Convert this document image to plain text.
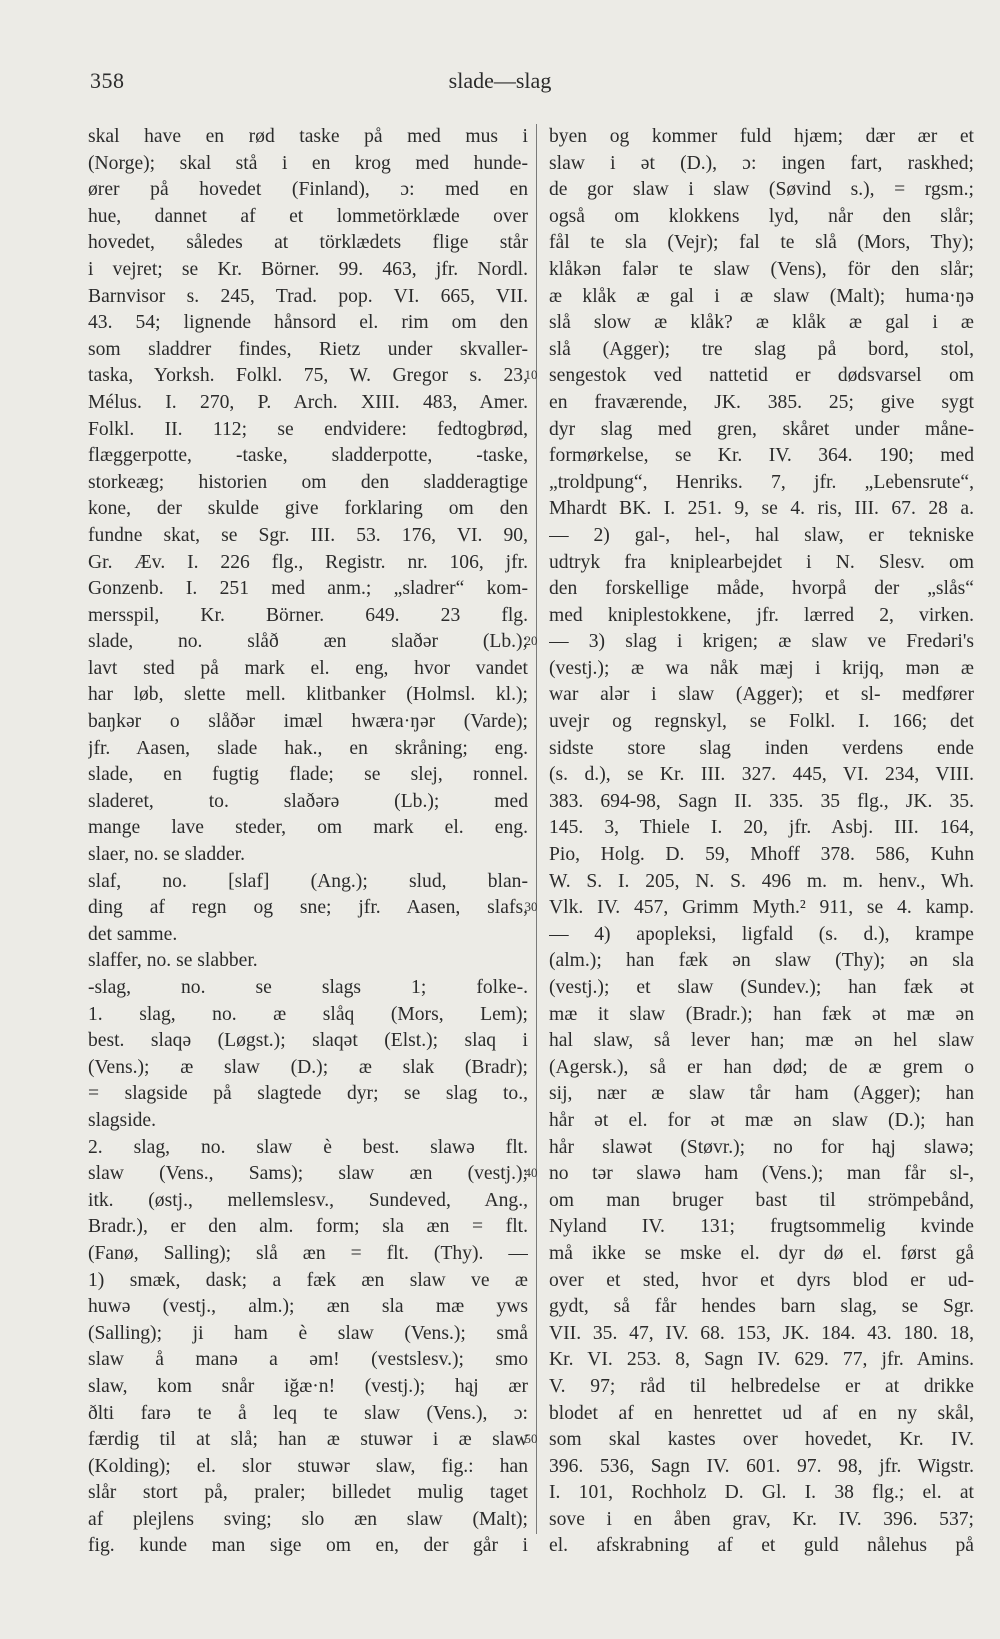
358	slade—slag
skal have en rød taske på med mus i
(Norge); skal stå i en krog med hunde-
ører på hovedet (Finland), ɔ: med en
hue, dannet af et lommetörklæde over
hovedet, således at törklædets flige står
i vejret; se Kr. Börner. 99. 463, jfr. Nordl.
Barnvisor s. 245, Trad. pop. VI. 665, VII.
43. 54; lignende hånsord el. rim om den
som sladdrer findes, Rietz under skvaller-
taska, Yorksh. Folkl. 75, W. Gregor s. 23,
Mélus. I. 270, P. Arch. XIII. 483, Amer.
Folkl. II. 112; se endvidere: fedtogbrød,
flæggerpotte, -taske, sladderpotte, -taske,
storkeæg; historien om den sladderagtige
kone, der skulde give forklaring om den
fundne skat, se Sgr. III. 53. 176, VI. 90,
Gr. Æv. I. 226 flg., Registr. nr. 106, jfr.
Gonzenb. I. 251 med anm.; „sladrer“ kom-
mersspil, Kr. Börner. 649. 23 flg.
slade, no. slåð æn slaðər (Lb.);
lavt sted på mark el. eng, hvor vandet
har løb, slette mell. klitbanker (Holmsl. kl.);
baŋkər o slåðər imæl hwæra·ŋər (Varde);
jfr. Aasen, slade hak., en skråning; eng.
slade, en fugtig flade; se slej, ronnel.
sladeret, to. slaðərə (Lb.); med
mange lave steder, om mark el. eng.
slaer, no. se sladder.
slaf, no. [slaf] (Ang.); slud, blan-
ding af regn og sne; jfr. Aasen, slafs,
det samme.
slaffer, no. se slabber.
-slag, no. se slags 1; folke-.
1. slag, no. æ slåq (Mors, Lem);
best. slaqə (Løgst.); slaqət (Elst.); slaq i
(Vens.); æ slaw (D.); æ slak (Bradr);
= slagside på slagtede dyr; se slag to.,
slagside.
2. slag, no. slaw è best. slawə flt.
slaw (Vens., Sams); slaw æn (vestj.);
itk. (østj., mellemslesv., Sundeved, Ang.,
Bradr.), er den alm. form; sla æn = flt.
(Fanø, Salling); slå æn = flt. (Thy). —
1) smæk, dask; a fæk æn slaw ve æ
huwə (vestj., alm.); æn sla mæ yws
(Salling); ji ham è slaw (Vens.); små
slaw å manə a əm! (vestslesv.); smo
slaw, kom snår iğæ·n! (vestj.); hąj ær
ðlti farə te å leq te slaw (Vens.), ɔ:
færdig til at slå; han æ stuwər i æ slaw
(Kolding); el. slor stuwər slaw, fig.: han
slår stort på, praler; billedet mulig taget
af plejlens sving; slo æn slaw (Malt);
fig. kunde man sige om en, der går i
10
20
30
40
50
byen og kommer fuld hjæm; dær ær et
slaw i ət (D.), ɔ: ingen fart, raskhed;
de gor slaw i slaw (Søvind s.), = rgsm.;
også om klokkens lyd, når den slår;
fål te sla (Vejr); fal te slå (Mors, Thy);
klåkən falər te slaw (Vens), för den slår;
æ klåk æ gal i æ slaw (Malt); huma·ŋə
slå slow æ klåk? æ klåk æ gal i æ
slå (Agger); tre slag på bord, stol,
sengestok ved nattetid er dødsvarsel om
en fraværende, JK. 385. 25; give sygt
dyr slag med gren, skåret under måne-
formørkelse, se Kr. IV. 364. 190; med
„troldpung“, Henriks. 7, jfr. „Lebensrute“,
Mhardt BK. I. 251. 9, se 4. ris, III. 67. 28 a.
— 2) gal-, hel-, hal slaw, er tekniske
udtryk fra kniplearbejdet i N. Slesv. om
den forskellige måde, hvorpå der „slås“
med kniplestokkene, jfr. lærred 2, virken.
— 3) slag i krigen; æ slaw ve Fredəri's
(vestj.); æ wa nåk mæj i krijq, mən æ
war alər i slaw (Agger); et sl- medfører
uvejr og regnskyl, se Folkl. I. 166; det
sidste store slag inden verdens ende
(s. d.), se Kr. III. 327. 445, VI. 234, VIII.
383. 694-98, Sagn II. 335. 35 flg., JK. 35.
145. 3, Thiele I. 20, jfr. Asbj. III. 164,
Pio, Holg. D. 59, Mhoff 378. 586, Kuhn
W. S. I. 205, N. S. 496 m. m. henv., Wh.
Vlk. IV. 457, Grimm Myth.² 911, se 4. kamp.
— 4) apopleksi, ligfald (s. d.), krampe
(alm.); han fæk ən slaw (Thy); ən sla
(vestj.); et slaw (Sundev.); han fæk ət
mæ it slaw (Bradr.); han fæk ət mæ ən
hal slaw, så lever han; mæ ən hel slaw
(Agersk.), så er han død; de æ grem o
sij, nær æ slaw tår ham (Agger); han
hår ət el. for ət mæ ən slaw (D.); han
hår slawət (Støvr.); no for hąj slawə;
no tər slawə ham (Vens.); man får sl-,
om man bruger bast til strömpebånd,
Nyland IV. 131; frugtsommelig kvinde
må ikke se mske el. dyr dø el. først gå
over et sted, hvor et dyrs blod er ud-
gydt, så får hendes barn slag, se Sgr.
VII. 35. 47, IV. 68. 153, JK. 184. 43. 180. 18,
Kr. VI. 253. 8, Sagn IV. 629. 77, jfr. Amins.
V. 97; råd til helbredelse er at drikke
blodet af en henrettet ud af en ny skål,
som skal kastes over hovedet, Kr. IV.
396. 536, Sagn IV. 601. 97. 98, jfr. Wigstr.
I. 101, Rochholz D. Gl. I. 38 flg.; el. at
sove i en åben grav, Kr. IV. 396. 537;
el. afskrabning af et guld nålehus på
